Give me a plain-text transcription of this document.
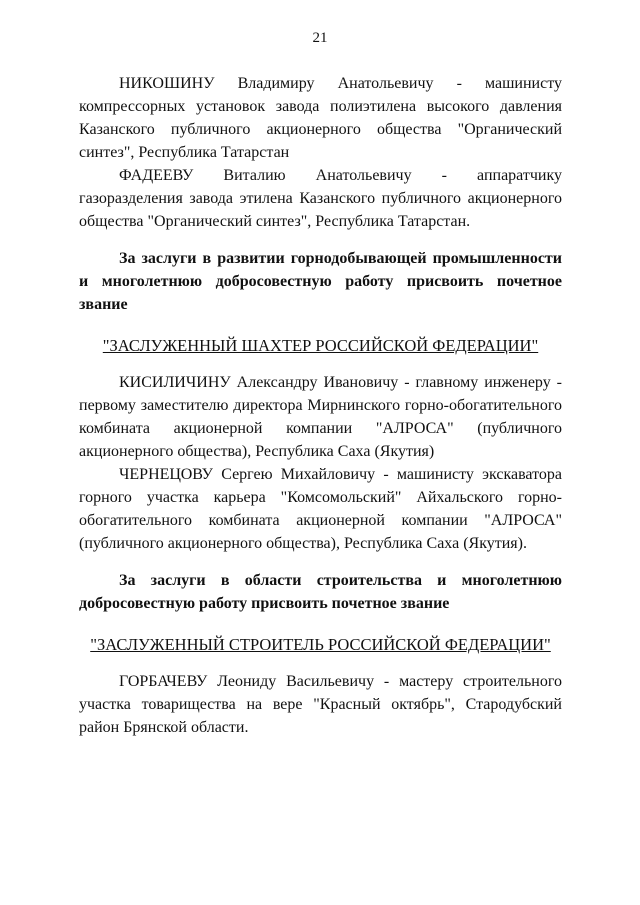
21

НИКОШИНУ Владимиру Анатольевичу - машинисту компрессорных установок завода полиэтилена высокого давления Казанского публичного акционерного общества "Органический синтез", Республика Татарстан

ФАДЕЕВУ Виталию Анатольевичу - аппаратчику газоразделения завода этилена Казанского публичного акционерного общества "Органический синтез", Республика Татарстан.

За заслуги в развитии горнодобывающей промышленности и многолетнюю добросовестную работу присвоить почетное звание

"ЗАСЛУЖЕННЫЙ ШАХТЕР РОССИЙСКОЙ ФЕДЕРАЦИИ"

КИСИЛИЧИНУ Александру Ивановичу - главному инженеру - первому заместителю директора Мирнинского горно-обогатительного комбината акционерной компании "АЛРОСА" (публичного акционерного общества), Республика Саха (Якутия)

ЧЕРНЕЦОВУ Сергею Михайловичу - машинисту экскаватора горного участка карьера "Комсомольский" Айхальского горно-обогатительного комбината акционерной компании "АЛРОСА" (публичного акционерного общества), Республика Саха (Якутия).

За заслуги в области строительства и многолетнюю добросовестную работу присвоить почетное звание

"ЗАСЛУЖЕННЫЙ СТРОИТЕЛЬ РОССИЙСКОЙ ФЕДЕРАЦИИ"

ГОРБАЧЕВУ Леониду Васильевичу - мастеру строительного участка товарищества на вере "Красный октябрь", Стародубский район Брянской области.
